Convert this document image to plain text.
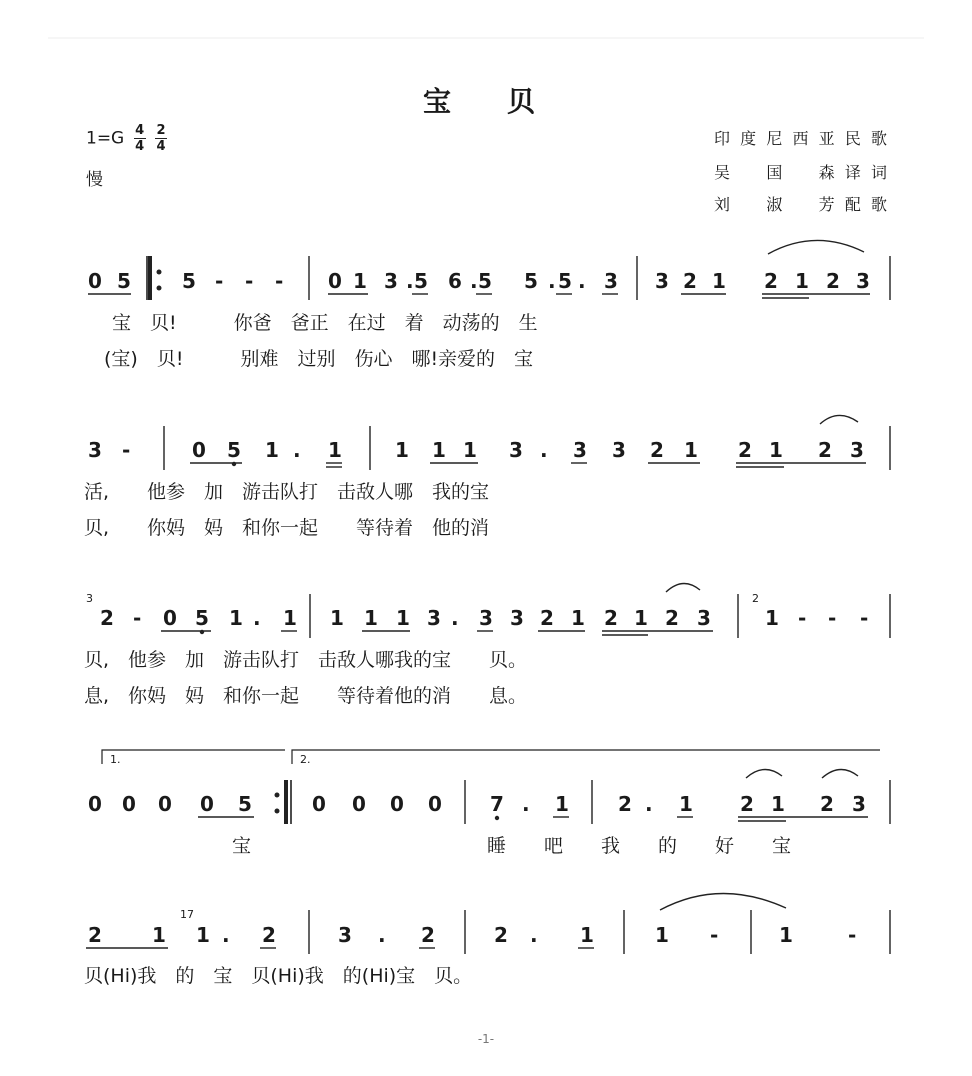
宝　贝
$1=G \frac{4}{4}$
$\frac{2}{4}$
慢
印度尼西亚民歌
吴　国　森译词
刘　淑　芳配歌
0 5	5 - - - 0 1 3 . 5 6 . 5 5 . 5 . 3 3 2 1 2 1 2 3
宝　贝!　　　你爸　爸正　在过　着　动荡的　生
(宝)　贝!　　　别难　过别　伤心　哪!亲爱的　宝
3 -	0 5 1 . 1	1 1 1 3 . 3 3 2 1 2 1 2 3
活,　　他参　加　游击队打　击敌人哪　我的宝
贝,　　你妈　妈　和你一起　　等待着　他的消
3	2
2 - 0 5 1 . 1 1 1 1 3 . 3 3 2 1 2 1 2 3	1 - - -
贝,　他参　加　游击队打　击敌人哪我的宝　　贝。
息,　你妈　妈　和你一起　　等待着他的消　　息。
1.	2.
0 0 0 0 5	0 0 0 0 7 . 1 2 . 1 2 1 2 3
宝	睡　　吧　　我　　的　　好　　宝
17
2	1 1 . 2	3 . 2	2 . 1	1 -	1	-
贝(Hi)我　的　宝　贝(Hi)我　的(Hi)宝　贝。
-1-
